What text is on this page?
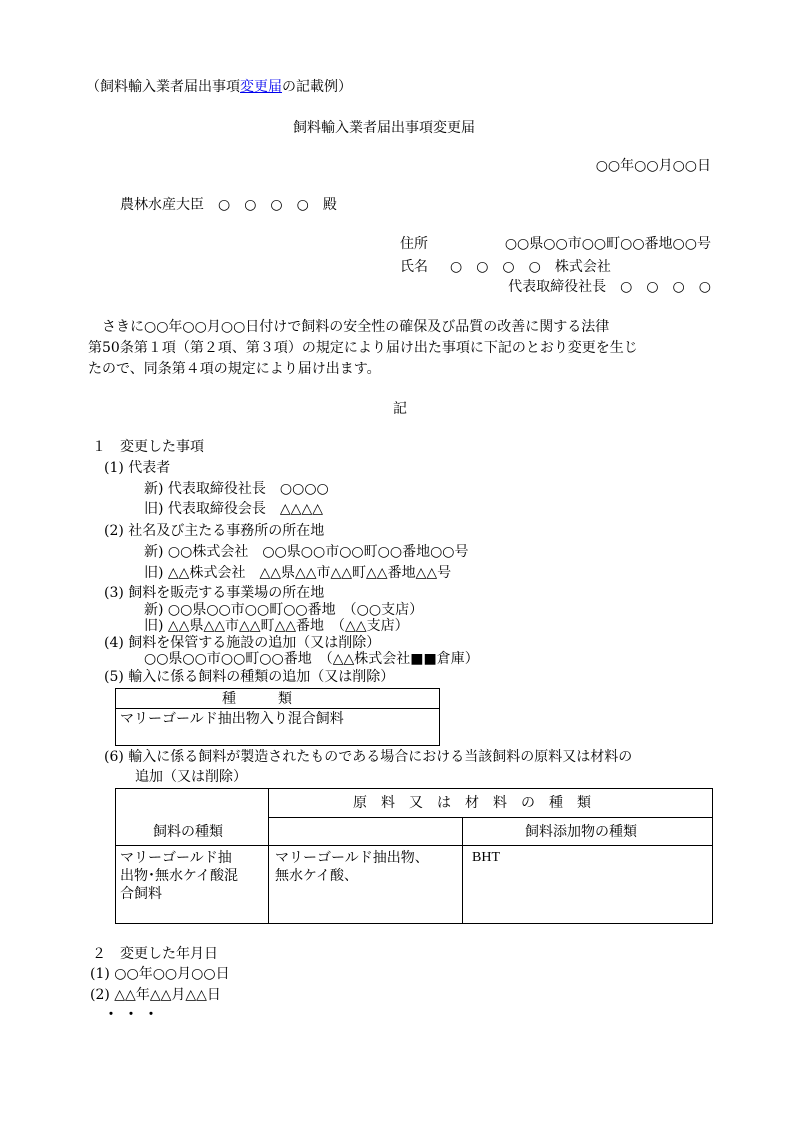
（飼料輸入業者届出事項変更届の記載例）
飼料輸入業者届出事項変更届
○○年○○月○○日
農林水産大臣　○　○　○　○　殿
住所	○○県○○市○○町○○番地○○号
氏名 ○　○　○　○　株式会社
代表取締役社長　○　○　○　○
さきに○○年○○月○○日付けで飼料の安全性の確保及び品質の改善に関する法律
第50条第１項（第２項、第３項）の規定により届け出た事項に下記のとおり変更を生じ
たので、同条第４項の規定により届け出ます。
記
１　変更した事項
(1) 代表者
新) 代表取締役社長　○○○○
旧) 代表取締役会長　△△△△
(2) 社名及び主たる事務所の所在地
新) ○○株式会社　○○県○○市○○町○○番地○○号
旧) △△株式会社　△△県△△市△△町△△番地△△号
(3) 飼料を販売する事業場の所在地
新) ○○県○○市○○町○○番地　（○○支店）
旧) △△県△△市△△町△△番地　（△△支店）
(4) 飼料を保管する施設の追加（又は削除）
○○県○○市○○町○○番地　（△△株式会社■■倉庫）
(5) 輸入に係る飼料の種類の追加（又は削除）
種　　　類
マリーゴールド抽出物入り混合飼料
(6) 輸入に係る飼料が製造されたものである場合における当該飼料の原料又は材料の
追加（又は削除）
原　料　又　は　材　料　の　種　類
飼料の種類	飼料添加物の種類
マリーゴールド抽
出物･無水ケイ酸混
合飼料
マリーゴールド抽出物、
無水ケイ酸、
BHT
２　変更した年月日
(1) ○○年○○月○○日
(2) △△年△△月△△日
・・・
